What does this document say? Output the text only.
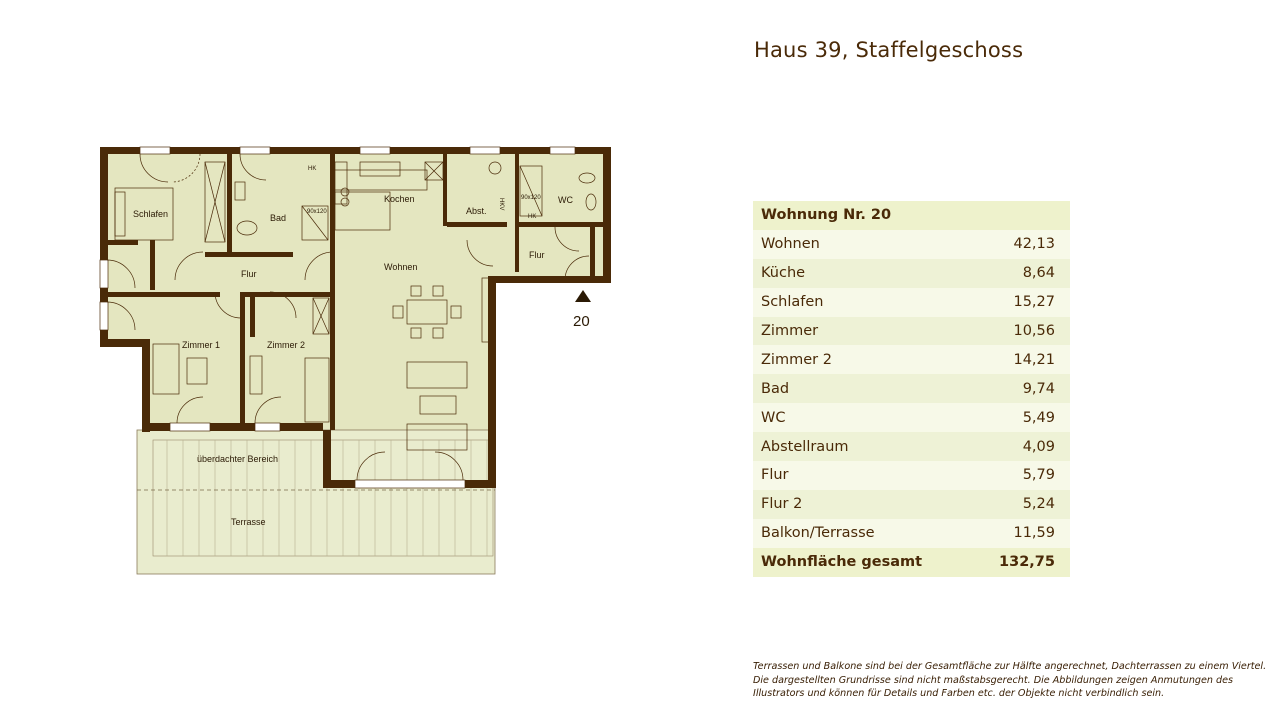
Haus 39, Staffelgeschoss
Schlafen	Bad
Kochen
Abst.
WC
Flur
Flur
Wohnen
Zimmer 1	Zimmer 2
überdachter Bereich
Terrasse
HK
HK
HKV
90x120
90x120
20
Wohnung Nr. 20	
Wohnen	42,13
Küche	8,64
Schlafen	15,27
Zimmer	10,56
Zimmer 2	14,21
Bad	9,74
WC	5,49
Abstellraum	4,09
Flur	5,79
Flur 2	5,24
Balkon/Terrasse	11,59
Wohnfläche gesamt	132,75
Terrassen und Balkone sind bei der Gesamtfläche zur Hälfte angerechnet, Dachterrassen zu einem Viertel.
Die dargestellten Grundrisse sind nicht maßstabsgerecht. Die Abbildungen zeigen Anmutungen des
Illustrators und können für Details und Farben etc. der Objekte nicht verbindlich sein.
